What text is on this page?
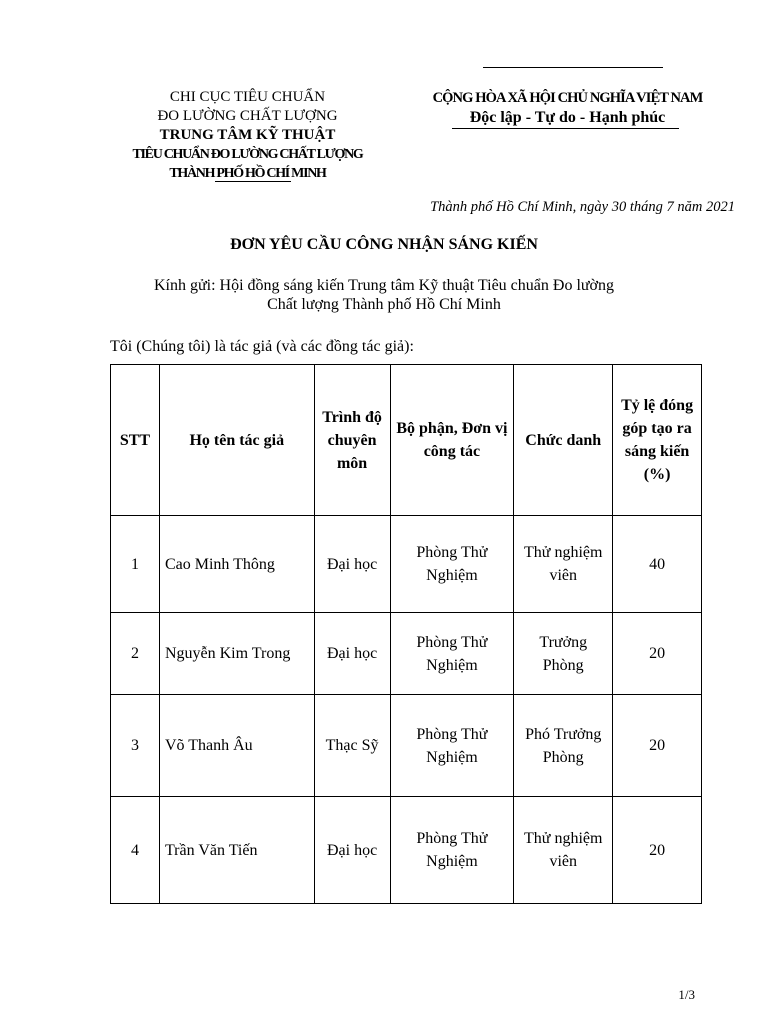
CHI CỤC TIÊU CHUẨN
ĐO LƯỜNG CHẤT LƯỢNG
TRUNG TÂM KỸ THUẬT
TIÊU CHUẨN ĐO LƯỜNG CHẤT LƯỢNG
THÀNH PHỐ HỒ CHÍ MINH
CỘNG HÒA XÃ HỘI CHỦ NGHĨA VIỆT NAM
Độc lập - Tự do - Hạnh phúc
Thành phố Hồ Chí Minh, ngày 30 tháng 7 năm 2021
ĐƠN YÊU CẦU CÔNG NHẬN SÁNG KIẾN
Kính gửi: Hội đồng sáng kiến Trung tâm Kỹ thuật Tiêu chuẩn Đo lường
Chất lượng Thành phố Hồ Chí Minh
Tôi (Chúng tôi) là tác giả (và các đồng tác giả):
STT	Họ tên tác giả	Trình độ chuyên môn	Bộ phận, Đơn vị công tác	Chức danh	Tỷ lệ đóng góp tạo ra sáng kiến (%)
1	Cao Minh Thông	Đại học	Phòng Thử Nghiệm	Thử nghiệm viên	40
2	Nguyễn Kim Trong	Đại học	Phòng Thử Nghiệm	Trưởng Phòng	20
3	Võ Thanh Âu	Thạc Sỹ	Phòng Thử Nghiệm	Phó Trưởng Phòng	20
4	Trần Văn Tiến	Đại học	Phòng Thử Nghiệm	Thử nghiệm viên	20
1/3
